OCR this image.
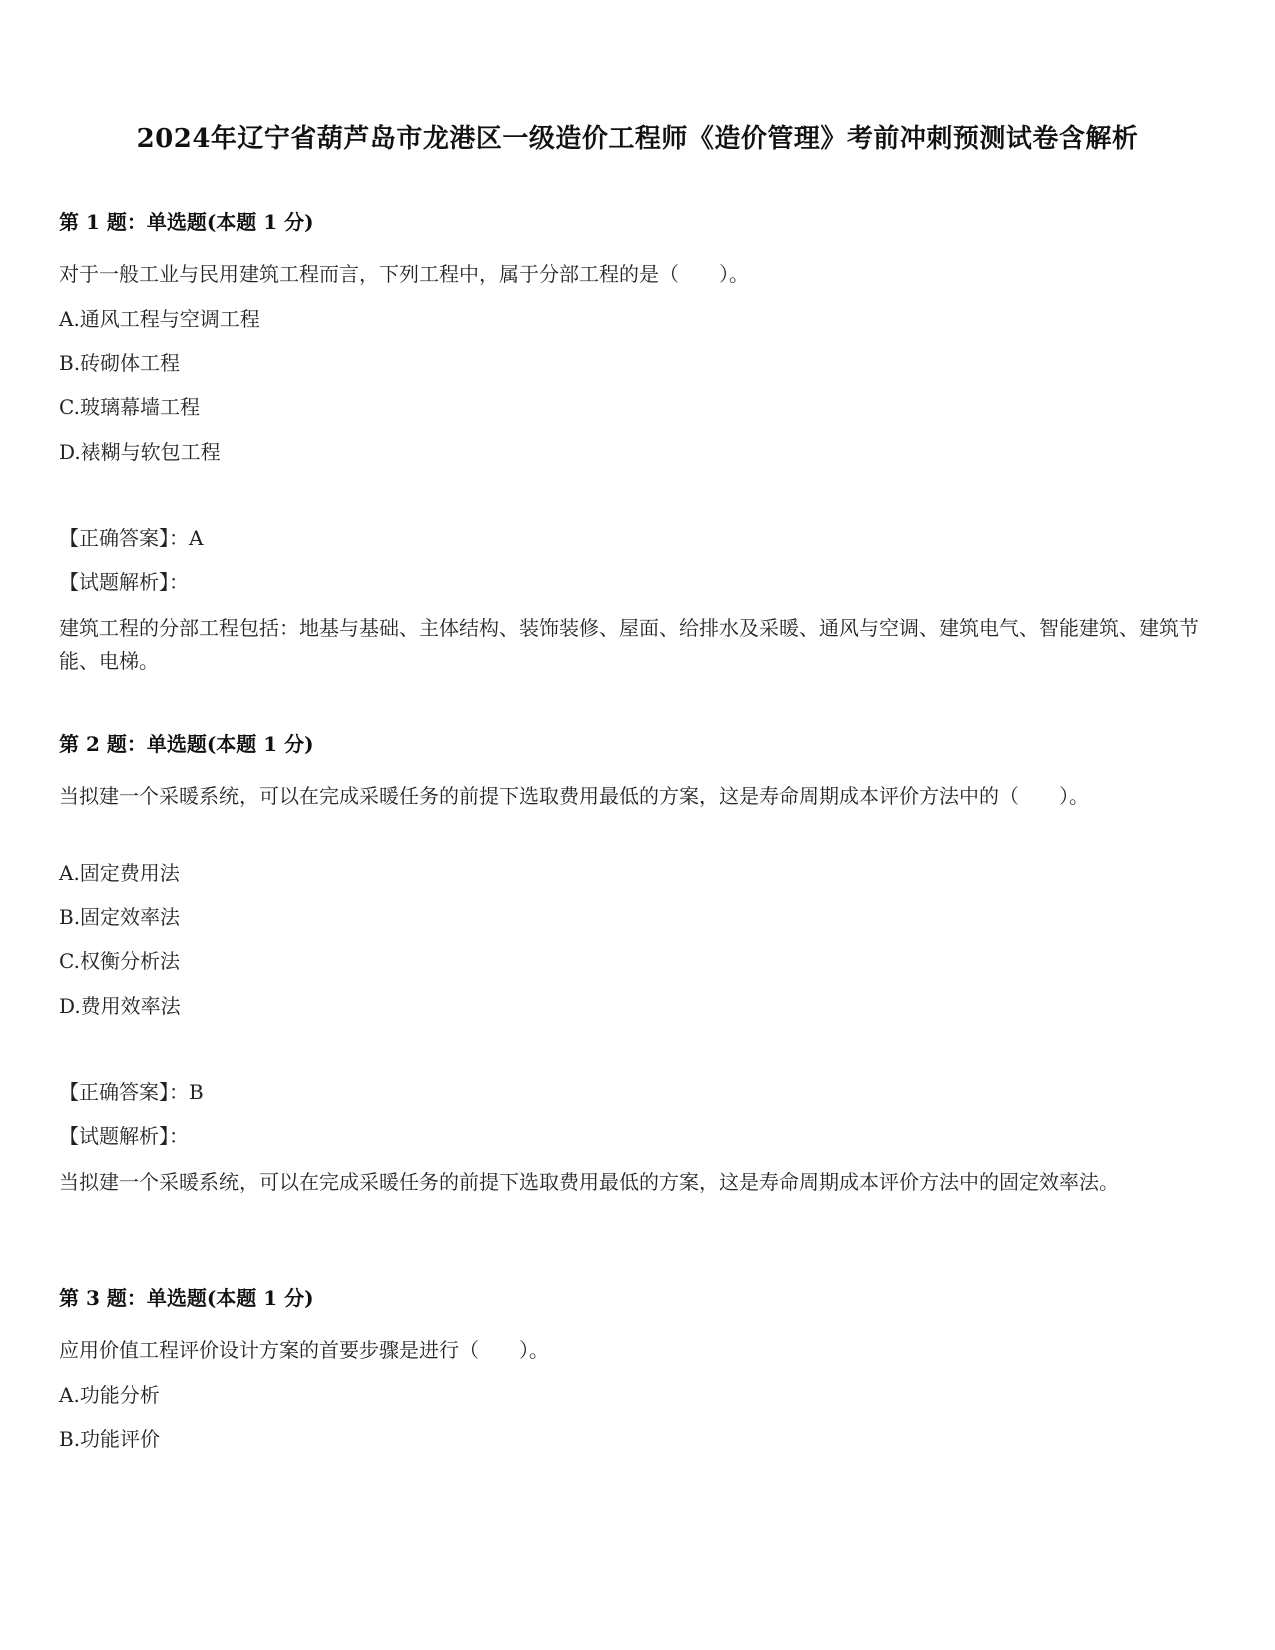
2024年辽宁省葫芦岛市龙港区一级造价工程师《造价管理》考前冲刺预测试卷含解析
第 1 题：单选题(本题 1 分)
对于一般工业与民用建筑工程而言，下列工程中，属于分部工程的是（　　）。
A.通风工程与空调工程
B.砖砌体工程
C.玻璃幕墙工程
D.裱糊与软包工程
【正确答案】：A
【试题解析】：
建筑工程的分部工程包括：地基与基础、主体结构、装饰装修、屋面、给排水及采暖、通风与空调、建筑电气、智能建筑、建筑节能、电梯。
第 2 题：单选题(本题 1 分)
当拟建一个采暖系统，可以在完成采暖任务的前提下选取费用最低的方案，这是寿命周期成本评价方法中的（　　）。
A.固定费用法
B.固定效率法
C.权衡分析法
D.费用效率法
【正确答案】：B
【试题解析】：
当拟建一个采暖系统，可以在完成采暖任务的前提下选取费用最低的方案，这是寿命周期成本评价方法中的固定效率法。
第 3 题：单选题(本题 1 分)
应用价值工程评价设计方案的首要步骤是进行（　　）。
A.功能分析
B.功能评价
